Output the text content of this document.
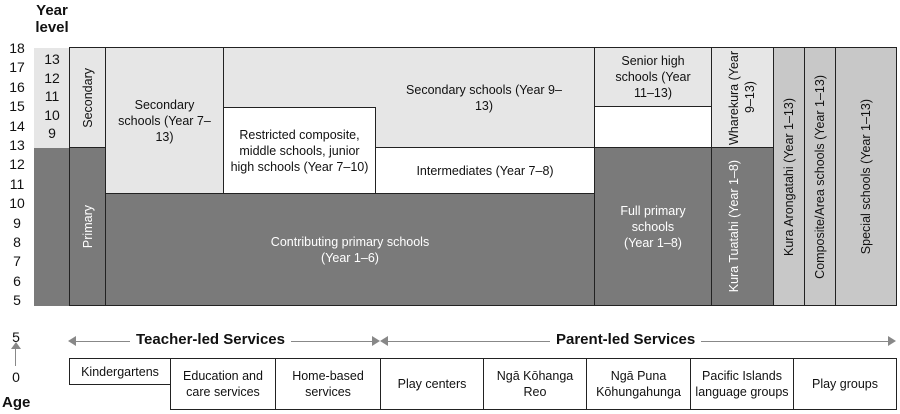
Year level
Age
18
17
16
15
14
13
12
11
10
9
8
7
6
5
13
12
11
10
9
Secondary
Primary
Secondary schools (Year 7–13)
Secondary schools (Year 9–13)
Restricted composite, middle schools, junior high schools (Year 7–10)
Senior high schools (Year 11–13)
Intermediates (Year 7–8)
Contributing primary schools (Year 1–6)
Full primary schools (Year 1–8)
Wharekura (Year 9–13)
Kura Tuatahi (Year 1–8)	Kura Arongatahi (Year 1–13) Composite/Area schools (Year 1–13)	Special schools (Year 1–13)
5
0
Teacher-led Services	Parent-led Services
Kindergartens Education and care services
Home-based services
Play centers
Ngā Kōhanga Reo
Ngā Puna Kōhungahunga
Pacific Islands language groups
Play groups
